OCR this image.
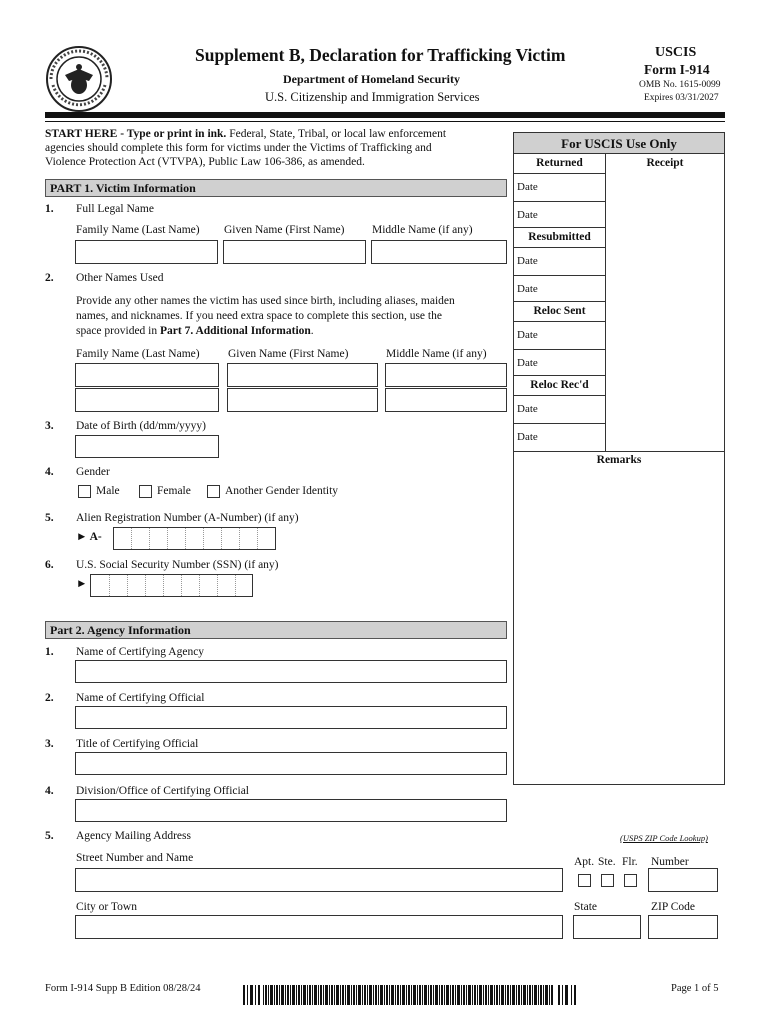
Supplement B, Declaration for Trafficking Victim
Department of Homeland Security
U.S. Citizenship and Immigration Services
USCIS
Form I-914
OMB No. 1615-0099
Expires 03/31/2027
START HERE - Type or print in ink. Federal, State, Tribal, or local law enforcement
agencies should complete this form for victims under the Victims of Trafficking and
Violence Protection Act (VTVPA), Public Law 106-386, as amended.
PART 1. Victim Information
1. Full Legal Name
Family Name (Last Name) Given Name (First Name) Middle Name (if any)
2. Other Names Used
Provide any other names the victim has used since birth, including aliases, maiden
names, and nicknames. If you need extra space to complete this section, use the
space provided in Part 7. Additional Information.
Family Name (Last Name) Given Name (First Name)	Middle Name (if any)
3. Date of Birth (dd/mm/yyyy)
4. Gender
Male	Female	Another Gender Identity
5. Alien Registration Number (A-Number) (if any)
► A-
6. U.S. Social Security Number (SSN) (if any)
►
Part 2. Agency Information
1. Name of Certifying Agency
2. Name of Certifying Official
3. Title of Certifying Official
4. Division/Office of Certifying Official
5. Agency Mailing Address	(USPS ZIP Code Lookup)
Street Number and Name	Apt. Ste. Flr. Number
City or Town	State	ZIP Code
For USCIS Use Only
Returned	Receipt
Date
Date
Resubmitted
Date
Date
Reloc Sent
Date
Date
Reloc Rec'd
Date
Date
Remarks
Form I-914 Supp B Edition 08/28/24	Page 1 of 5
